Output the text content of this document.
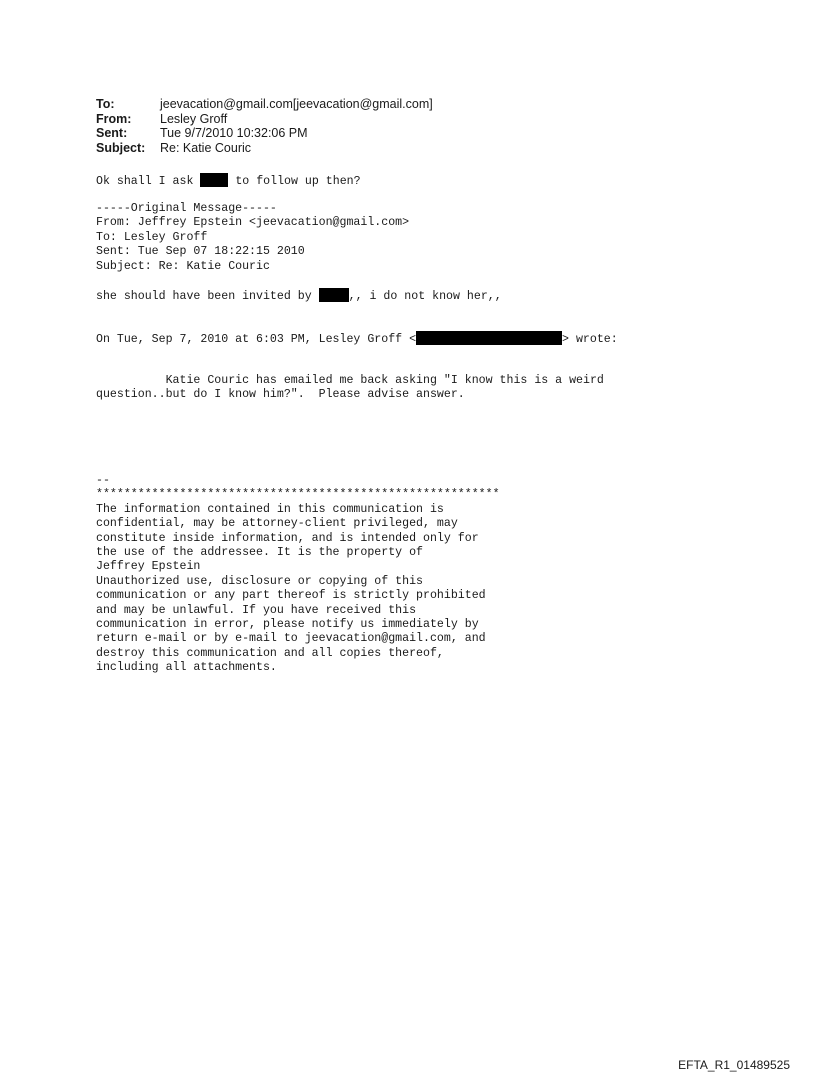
To:	jeevacation@gmail.com[jeevacation@gmail.com]
From:	Lesley Groff
Sent:	Tue 9/7/2010 10:32:06 PM
Subject:	Re: Katie Couric
Ok shall I ask  to follow up then?
-----Original Message-----
From: Jeffrey Epstein <jeevacation@gmail.com>
To: Lesley Groff
Sent: Tue Sep 07 18:22:15 2010
Subject: Re: Katie Couric
she should have been invited by	,, i do not know her,,
On Tue, Sep 7, 2010 at 6:03 PM, Lesley Groff <	> wrote:
Katie Couric has emailed me back asking "I know this is a weird
question..but do I know him?".  Please advise answer.
--
**********************************************************
The information contained in this communication is
confidential, may be attorney-client privileged, may
constitute inside information, and is intended only for
the use of the addressee. It is the property of
Jeffrey Epstein
Unauthorized use, disclosure or copying of this
communication or any part thereof is strictly prohibited
and may be unlawful. If you have received this
communication in error, please notify us immediately by
return e-mail or by e-mail to jeevacation@gmail.com, and
destroy this communication and all copies thereof,
including all attachments.
EFTA_R1_01489525
